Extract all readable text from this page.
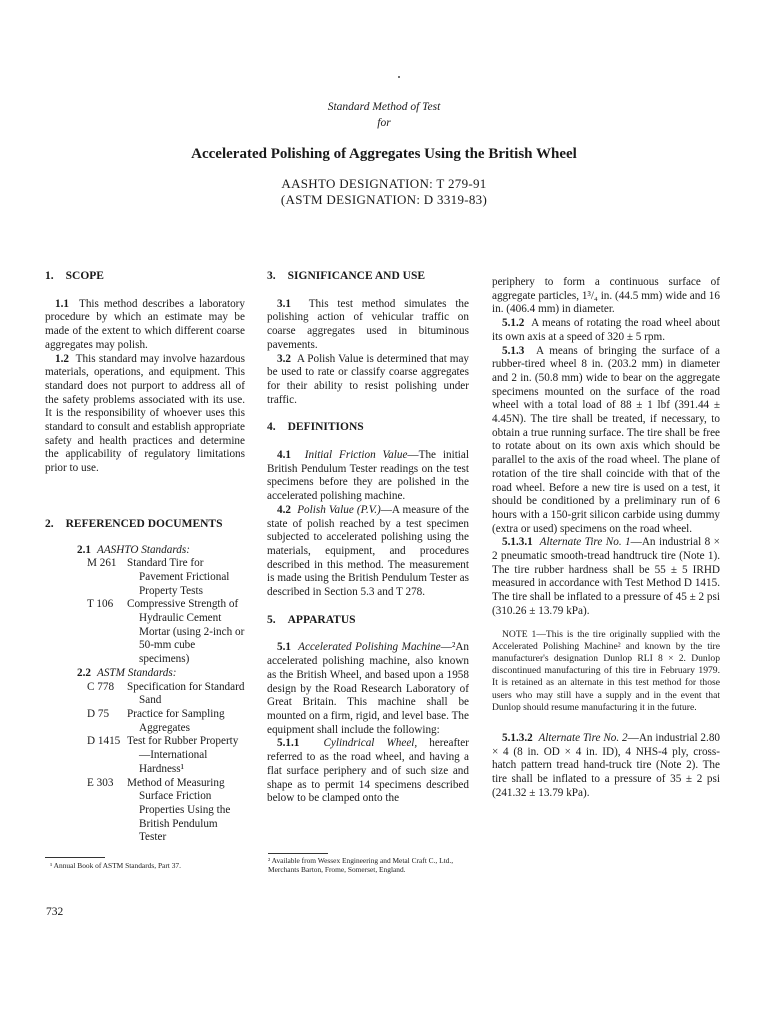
Standard Method of Test
for
Accelerated Polishing of Aggregates Using the British Wheel
AASHTO DESIGNATION: T 279-91
(ASTM DESIGNATION: D 3319-83)

1. SCOPE

1.1 This method describes a laboratory procedure by which an estimate may be made of the extent to which different coarse aggregates may polish.

1.2 This standard may involve hazardous materials, operations, and equipment. This standard does not purport to address all of the safety problems associated with its use. It is the responsibility of whoever uses this standard to consult and establish appropriate safety and health practices and determine the applicability of regulatory limitations prior to use.

2. REFERENCED DOCUMENTS

2.1 AASHTO Standards:

M 261 Standard Tire for Pavement Frictional Property Tests
T 106	Compressive Strength of Hydraulic Cement Mortar (using 2-inch or 50-mm cube specimens)

2.2 ASTM Standards:

C 778	Specification for Standard Sand
D 75	Practice for Sampling Aggregates
D 1415 Test for Rubber Property—International Hardness¹
E 303	Method of Measuring Surface Friction Properties Using the British Pendulum Tester
¹ Annual Book of ASTM Standards, Part 37.

3. SIGNIFICANCE AND USE

3.1 This test method simulates the polishing action of vehicular traffic on coarse aggregates used in bituminous pavements.

3.2 A Polish Value is determined that may be used to rate or classify coarse aggregates for their ability to resist polishing under traffic.

4. DEFINITIONS

4.1 Initial Friction Value—The initial British Pendulum Tester readings on the test specimens before they are polished in the accelerated polishing machine.

4.2 Polish Value (P.V.)—A measure of the state of polish reached by a test specimen subjected to accelerated polishing using the materials, equipment, and procedures described in this method. The measurement is made using the British Pendulum Tester as described in Section 5.3 and T 278.

5. APPARATUS

5.1 Accelerated Polishing Machine—²An accelerated polishing machine, also known as the British Wheel, and based upon a 1958 design by the Road Research Laboratory of Great Britain. This machine shall be mounted on a firm, rigid, and level base. The equipment shall include the following:

5.1.1 Cylindrical Wheel, hereafter referred to as the road wheel, and having a flat surface periphery and of such size and shape as to permit 14 specimens described below to be clamped onto the

² Available from Wessex Engineering and Metal Craft C., Ltd., Merchants Barton, Frome, Somerset, England.

periphery to form a continuous surface of aggregate particles, 1³/₄ in. (44.5 mm) wide and 16 in. (406.4 mm) in diameter.

5.1.2 A means of rotating the road wheel about its own axis at a speed of 320 ± 5 rpm.

5.1.3 A means of bringing the surface of a rubber-tired wheel 8 in. (203.2 mm) in diameter and 2 in. (50.8 mm) wide to bear on the aggregate specimens mounted on the surface of the road wheel with a total load of 88 ± 1 lbf (391.44 ± 4.45N). The tire shall be treated, if necessary, to obtain a true running surface. The tire shall be free to rotate about on its own axis which should be parallel to the axis of the road wheel. The plane of rotation of the tire shall coincide with that of the road wheel. Before a new tire is used on a test, it should be conditioned by a preliminary run of 6 hours with a 150-grit silicon carbide using dummy (extra or used) specimens on the road wheel.

5.1.3.1 Alternate Tire No. 1—An industrial 8 × 2 pneumatic smooth-tread handtruck tire (Note 1). The tire rubber hardness shall be 55 ± 5 IRHD measured in accordance with Test Method D 1415. The tire shall be inflated to a pressure of 45 ± 2 psi (310.26 ± 13.79 kPa).

NOTE 1—This is the tire originally supplied with the Accelerated Polishing Machine² and known by the tire manufacturer's designation Dunlop RLI 8 × 2. Dunlop discontinued manufacturing of this tire in February 1979. It is retained as an alternate in this test method for those users who may still have a supply and in the event that Dunlop should resume manufacturing it in the future.

5.1.3.2 Alternate Tire No. 2—An industrial 2.80 × 4 (8 in. OD × 4 in. ID), 4 NHS-4 ply, cross-hatch pattern tread hand-truck tire (Note 2). The tire shall be inflated to a pressure of 35 ± 2 psi (241.32 ± 13.79 kPa).

732
